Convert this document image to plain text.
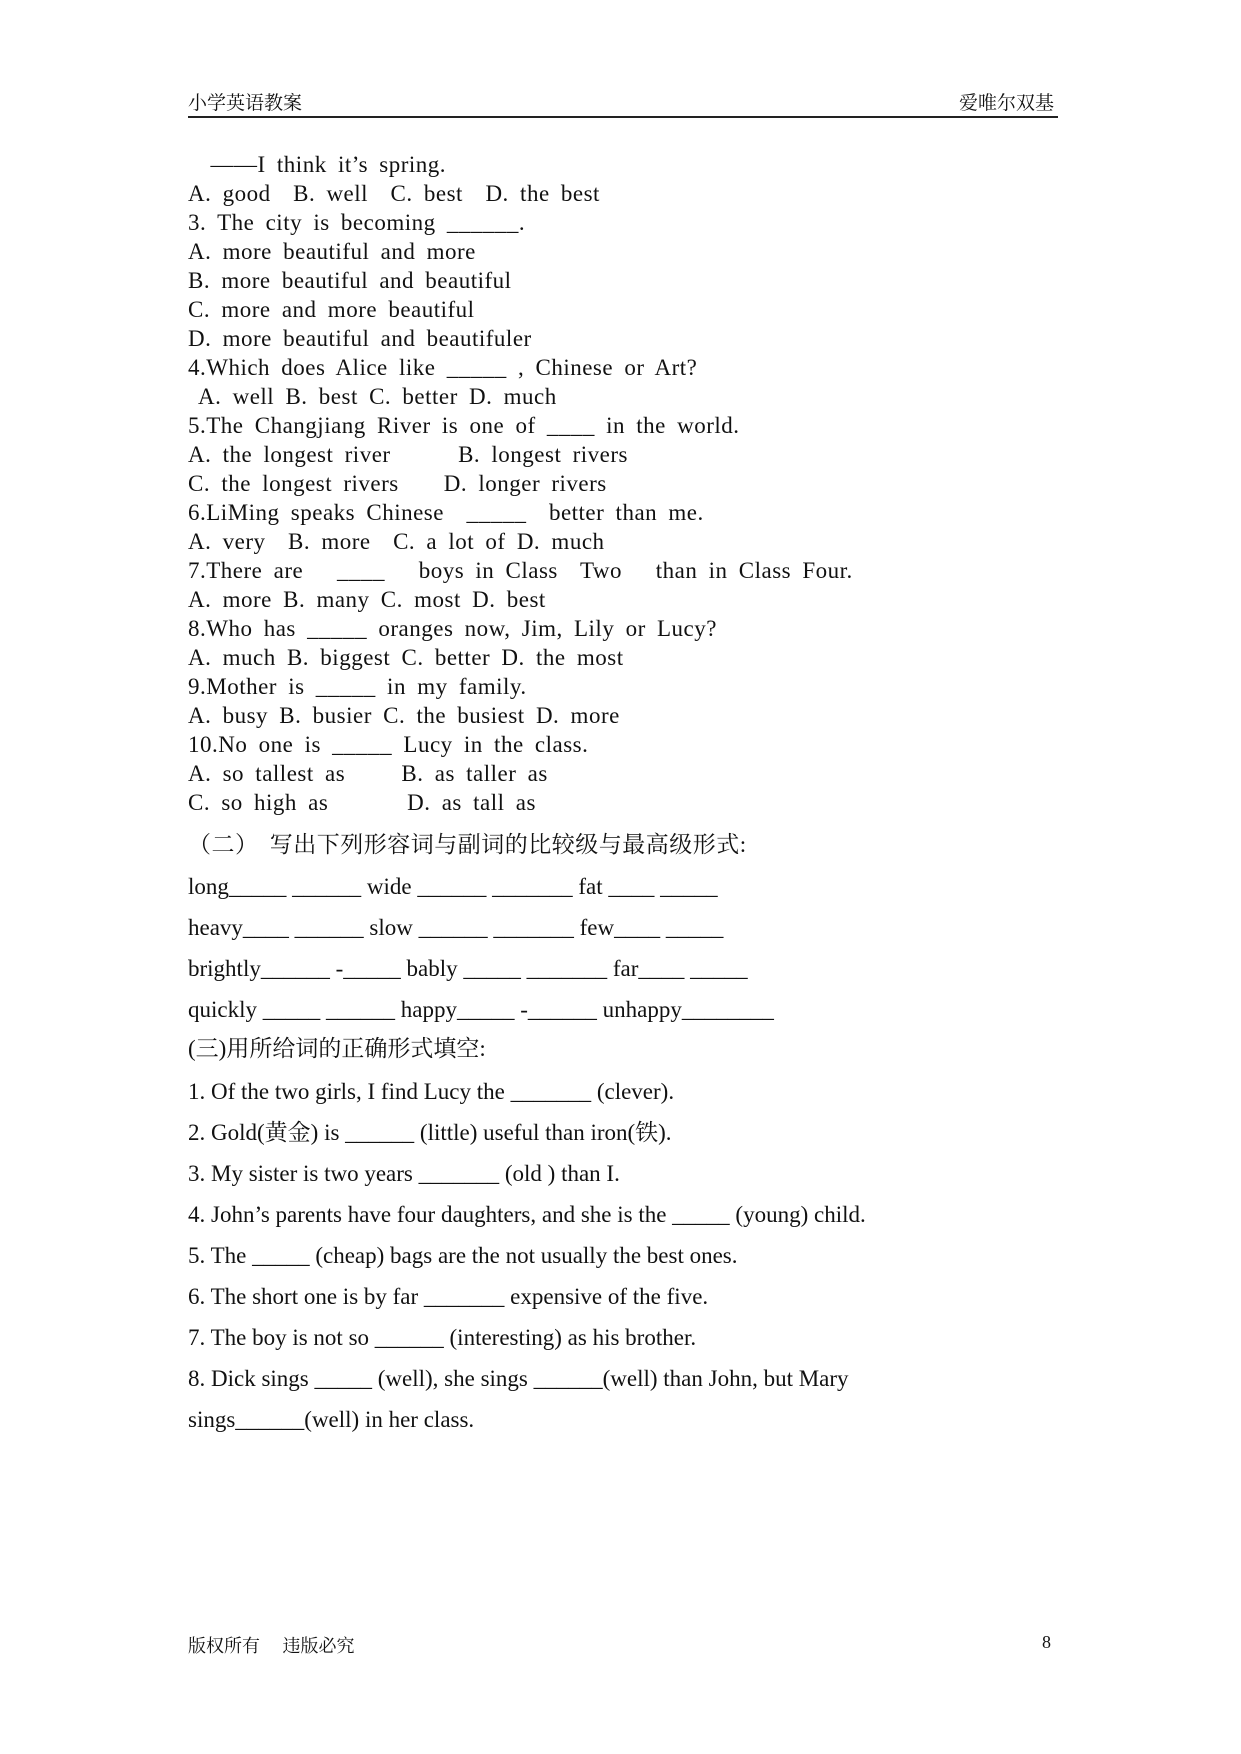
小学英语教案	爱唯尔双基
——I think it’s spring.
A. good  B. well  C. best  D. the best
3. The city is becoming ______.
A. more beautiful and more
B. more beautiful and beautiful
C. more and more beautiful
D. more beautiful and beautifuler
4.Which does Alice like _____ , Chinese or Art?
A. well B. best C. better D. much
5.The Changjiang River is one of ____ in the world.
A. the longest river      B. longest rivers
C. the longest rivers    D. longer rivers
6.LiMing speaks Chinese  _____  better than me.
A. very  B. more  C. a lot of D. much
7.There are   ____   boys in Class  Two   than in Class Four.
A. more B. many C. most D. best
8.Who has _____ oranges now, Jim, Lily or Lucy?
A. much B. biggest C. better D. the most
9.Mother is _____ in my family.
A. busy B. busier C. the busiest D. more
10.No one is _____ Lucy in the class.
A. so tallest as     B. as taller as
C. so high as       D. as tall as
（二） 写出下列形容词与副词的比较级与最高级形式:
long_____ ______ wide ______ _______ fat ____ _____
heavy____ ______ slow ______ _______ few____ _____
brightly______ -_____ bably _____ _______ far____ _____
quickly _____ ______ happy_____ -______ unhappy________
(三)用所给词的正确形式填空:
1. Of the two girls, I find Lucy the _______ (clever).
2. Gold(黄金) is ______ (little) useful than iron(铁).
3. My sister is two years _______ (old ) than I.
4. John’s parents have four daughters, and she is the _____ (young) child.
5. The _____ (cheap) bags are the not usually the best ones.
6. The short one is by far _______ expensive of the five.
7. The boy is not so ______ (interesting) as his brother.
8. Dick sings _____ (well), she sings ______(well) than John, but Mary
sings______(well) in her class.
版权所有     违版必究	8
